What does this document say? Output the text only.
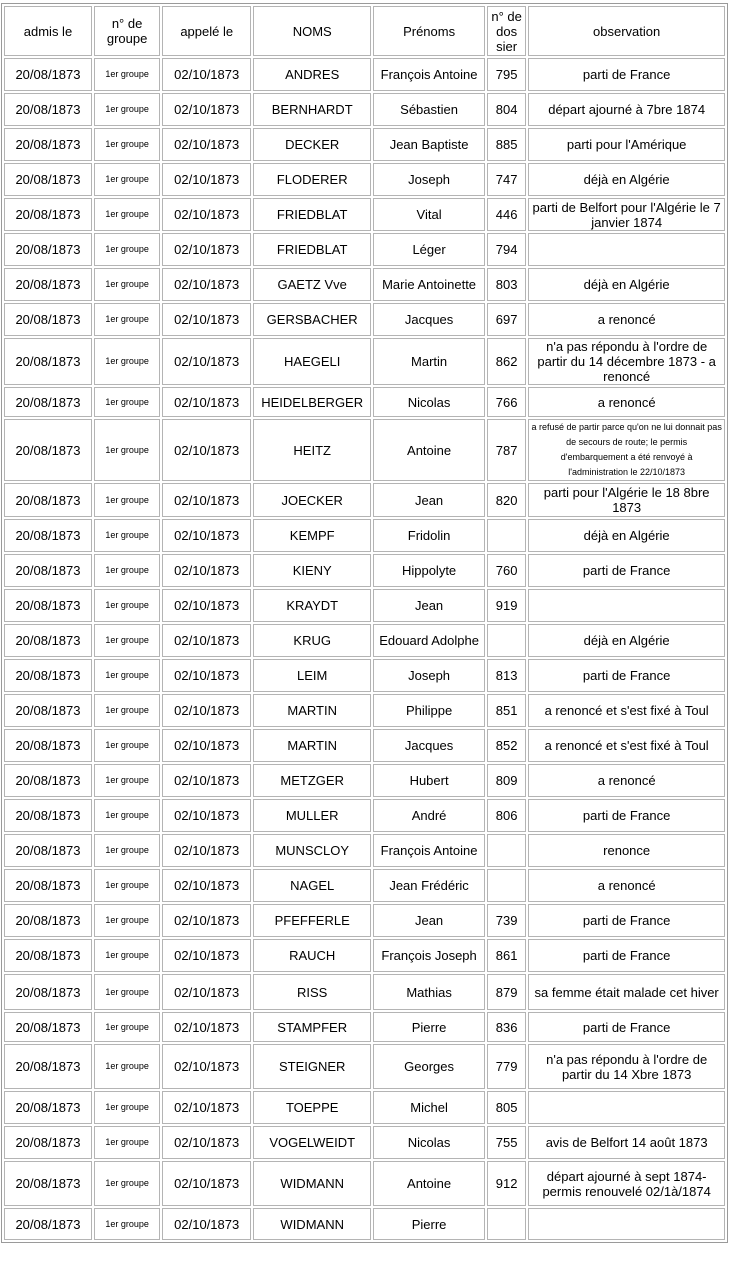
admis le	n° de groupe	appelé le	NOMS	Prénoms	n° de dos sier	observation
20/08/1873	1er groupe	02/10/1873	ANDRES	François Antoine	795	parti de France
20/08/1873	1er groupe	02/10/1873	BERNHARDT	Sébastien	804	départ ajourné à 7bre 1874
20/08/1873	1er groupe	02/10/1873	DECKER	Jean Baptiste	885	parti pour l'Amérique
20/08/1873	1er groupe	02/10/1873	FLODERER	Joseph	747	déjà en Algérie
20/08/1873	1er groupe	02/10/1873	FRIEDBLAT	Vital	446	parti de Belfort pour l'Algérie le 7 janvier 1874
20/08/1873	1er groupe	02/10/1873	FRIEDBLAT	Léger	794	
20/08/1873	1er groupe	02/10/1873	GAETZ Vve	Marie Antoinette	803	déjà en Algérie
20/08/1873	1er groupe	02/10/1873	GERSBACHER	Jacques	697	a renoncé
20/08/1873	1er groupe	02/10/1873	HAEGELI	Martin	862	n'a pas répondu à l'ordre de partir du 14 décembre 1873 - a renoncé
20/08/1873	1er groupe	02/10/1873	HEIDELBERGER	Nicolas	766	a renoncé
20/08/1873	1er groupe	02/10/1873	HEITZ	Antoine	787	a refusé de partir parce qu'on ne lui donnait pas de secours de route; le permis d'embarquement a été renvoyé à l'administration le 22/10/1873
20/08/1873	1er groupe	02/10/1873	JOECKER	Jean	820	parti pour l'Algérie le 18 8bre 1873
20/08/1873	1er groupe	02/10/1873	KEMPF	Fridolin		déjà en Algérie
20/08/1873	1er groupe	02/10/1873	KIENY	Hippolyte	760	parti de France
20/08/1873	1er groupe	02/10/1873	KRAYDT	Jean	919	
20/08/1873	1er groupe	02/10/1873	KRUG	Edouard Adolphe		déjà en Algérie
20/08/1873	1er groupe	02/10/1873	LEIM	Joseph	813	parti de France
20/08/1873	1er groupe	02/10/1873	MARTIN	Philippe	851	a renoncé et s'est fixé à Toul
20/08/1873	1er groupe	02/10/1873	MARTIN	Jacques	852	a renoncé et s'est fixé à Toul
20/08/1873	1er groupe	02/10/1873	METZGER	Hubert	809	a renoncé
20/08/1873	1er groupe	02/10/1873	MULLER	André	806	parti de France
20/08/1873	1er groupe	02/10/1873	MUNSCLOY	François Antoine		renonce
20/08/1873	1er groupe	02/10/1873	NAGEL	Jean Frédéric		a renoncé
20/08/1873	1er groupe	02/10/1873	PFEFFERLE	Jean	739	parti de France
20/08/1873	1er groupe	02/10/1873	RAUCH	François Joseph	861	parti de France
20/08/1873	1er groupe	02/10/1873	RISS	Mathias	879	sa femme était malade cet hiver
20/08/1873	1er groupe	02/10/1873	STAMPFER	Pierre	836	parti de France
20/08/1873	1er groupe	02/10/1873	STEIGNER	Georges	779	n'a pas répondu à l'ordre de partir du 14 Xbre 1873
20/08/1873	1er groupe	02/10/1873	TOEPPE	Michel	805	
20/08/1873	1er groupe	02/10/1873	VOGELWEIDT	Nicolas	755	avis de Belfort 14 août 1873
20/08/1873	1er groupe	02/10/1873	WIDMANN	Antoine	912	départ ajourné à sept 1874- permis renouvelé 02/1à/1874
20/08/1873	1er groupe	02/10/1873	WIDMANN	Pierre		
